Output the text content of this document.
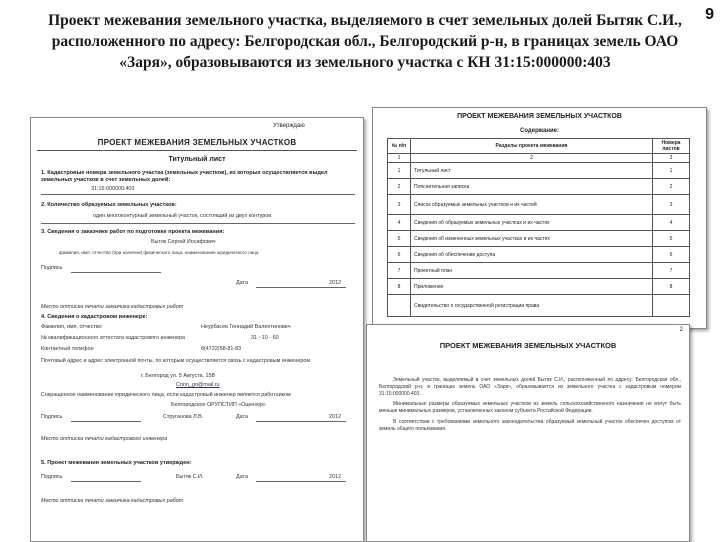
9
Проект межевания земельного участка, выделяемого в счет земельных долей Бытяк С.И., расположенного по адресу: Белгородская обл., Белгородский р-н, в границах земель ОАО «Заря», образовываются из земельного участка с КН 31:15:000000:403
Утверждаю
ПРОЕКТ МЕЖЕВАНИЯ ЗЕМЕЛЬНЫХ УЧАСТКОВ
Титульный лист
1. Кадастровые номера земельного участка (земельных участков), из которых осуществляется выдел земельных участков в счет земельных долей:
31:15:000000:403
2. Количество образуемых земельных участков:
один многоконтурный земельный участок, состоящий из двух контуров
3. Сведения о заказчике работ по подготовке проекта межевания:
Бытяк Сергей Иосифович
фамилия, имя, отчество (при наличии) физического лица, наименование юридического лица
Подпись
Дата	2012
Место оттиска печати заказчика кадастровых работ
4. Сведения о кадастровом инженере:
Фамилия, имя, отчество	Неурбасев Геннадий Валентинович
№ квалификационного аттестата кадастрового инженера	31 - 10 - 60
Контактный телефон	8(4722)58-81-83
Почтовый адрес и адрес электронной почты, по которым осуществляется связь с кадастровым инженером
г. Белгород ул. 5 Августа, 15В
Cnnn_go@mail.ru
Сокращенное наименование юридического лица, если кадастровый инженер является работником
Белгородское ОРУПСТИП «Оцензор»
Подпись	Струганова Л.В.	Дата	2012
Место оттиска печати кадастрового инженера
5. Проект межевания земельных участков утвержден:
Подпись	Бытяк С.И.	Дата	2012
Место оттиска печати заказчика кадастровых работ
ПРОЕКТ МЕЖЕВАНИЯ ЗЕМЕЛЬНЫХ УЧАСТКОВ
Содержание:
№ п/п	Разделы проекта межевания	Номера листов
1	2	3
1	Титульный лист	1
2	Пояснительная записка	2
3	Список образуемых земельных участков и их частей	3
4	Сведения об образуемых земельных участках и их частях	4
5	Сведения об измененных земельных участках и их частях	5
6	Сведения об обеспечении доступа	6
7	Проектный план	7
8	Приложение	8
	Свидетельство о государственной регистрации права	
2
ПРОЕКТ МЕЖЕВАНИЯ ЗЕМЕЛЬНЫХ УЧАСТКОВ

Земельный участок, выделяемый в счет земельных долей Бытяк С.И., расположенный по адресу: Белгородская обл., Белгородский р-н, в границах земель ОАО «Заря», образовывается из земельного участка с кадастровым номером 31:15:000000:403.

Минимальные размеры образуемых земельных участков из земель сельскохозяйственного назначения не могут быть меньше минимальных размеров, установленных законом субъекта Российской Федерации.

В соответствии с требованиями земельного законодательства образуемый земельный участок обеспечен доступом от земель общего пользования.
